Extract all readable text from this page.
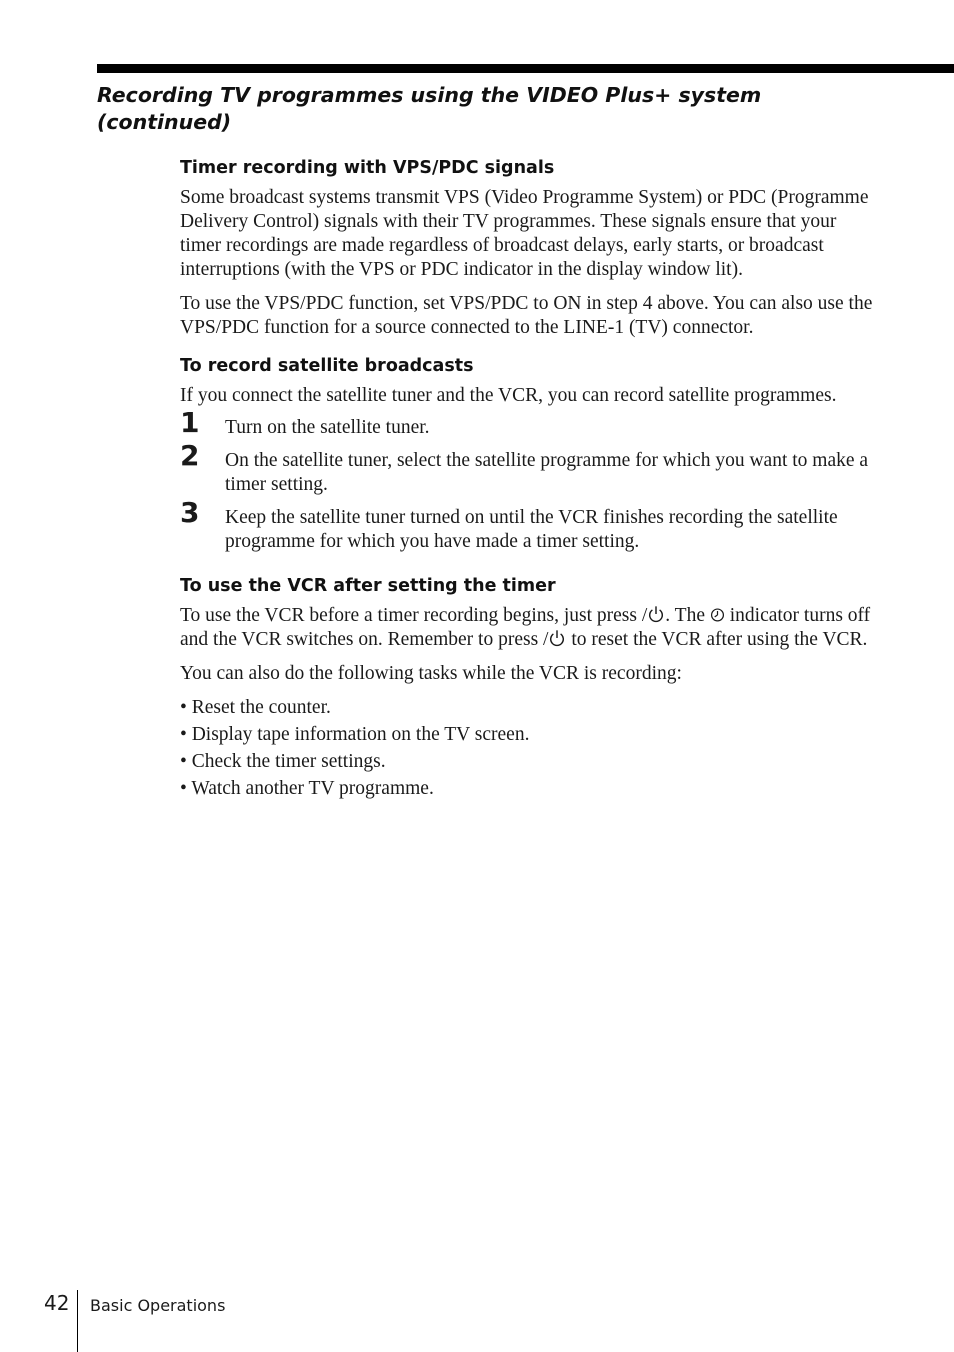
Recording TV programmes using the VIDEO Plus+ system
(continued)
Timer recording with VPS/PDC signals

Some broadcast systems transmit VPS (Video Programme System) or PDC (Programme Delivery Control) signals with their TV programmes. These signals ensure that your timer recordings are made regardless of broadcast delays, early starts, or broadcast interruptions (with the VPS or PDC indicator in the display window lit).

To use the VPS/PDC function, set VPS/PDC to ON in step 4 above. You can also use the VPS/PDC function for a source connected to the LINE-1 (TV) connector.

To record satellite broadcasts

If you connect the satellite tuner and the VCR, you can record satellite programmes.

1 Turn on the satellite tuner.
2 On the satellite tuner, select the satellite programme for which you want to make a timer setting.
3 Keep the satellite tuner turned on until the VCR finishes recording the satellite programme for which you have made a timer setting.
To use the VCR after setting the timer

To use the VCR before a timer recording begins, just press / . The  indicator turns off and the VCR switches on. Remember to press / to reset the VCR after using the VCR.

You can also do the following tasks while the VCR is recording:

• Reset the counter.
• Display tape information on the TV screen.
• Check the timer settings.
• Watch another TV programme.
42 Basic Operations
